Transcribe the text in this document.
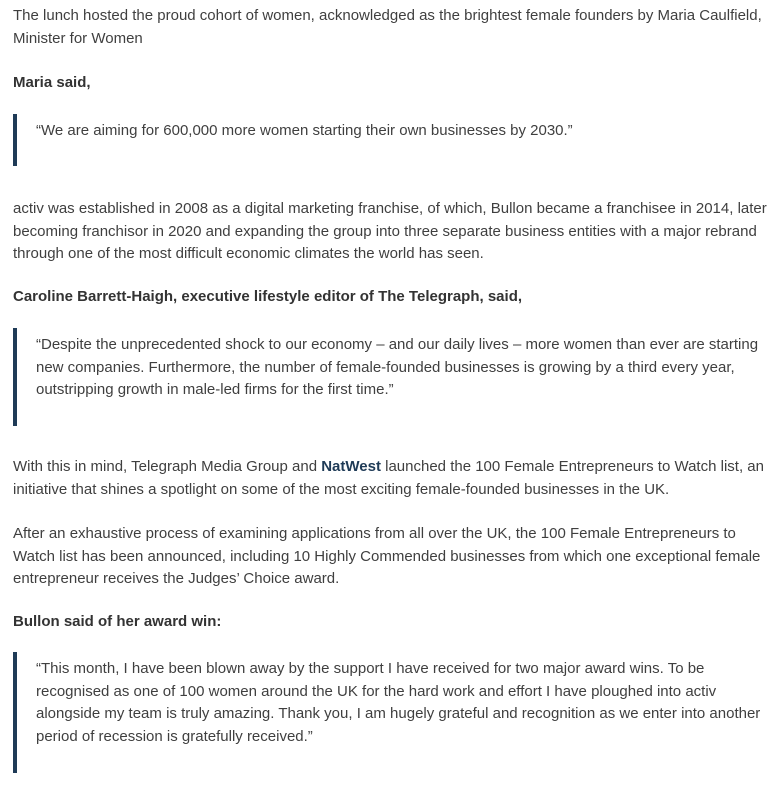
The lunch hosted the proud cohort of women, acknowledged as the brightest female founders by Maria Caulfield, Minister for Women

Maria said,

“We are aiming for 600,000 more women starting their own businesses by 2030.”

activ was established in 2008 as a digital marketing franchise, of which, Bullon became a franchisee in 2014, later becoming franchisor in 2020 and expanding the group into three separate business entities with a major rebrand through one of the most difficult economic climates the world has seen.

Caroline Barrett-Haigh, executive lifestyle editor of The Telegraph, said,

“Despite the unprecedented shock to our economy – and our daily lives – more women than ever are starting new companies. Furthermore, the number of female-founded businesses is growing by a third every year, outstripping growth in male-led firms for the first time.”

With this in mind, Telegraph Media Group and NatWest launched the 100 Female Entrepreneurs to Watch list, an initiative that shines a spotlight on some of the most exciting female-founded businesses in the UK.

After an exhaustive process of examining applications from all over the UK, the 100 Female Entrepreneurs to Watch list has been announced, including 10 Highly Commended businesses from which one exceptional female entrepreneur receives the Judges’ Choice award.

Bullon said of her award win:

“This month, I have been blown away by the support I have received for two major award wins. To be recognised as one of 100 women around the UK for the hard work and effort I have ploughed into activ alongside my team is truly amazing. Thank you, I am hugely grateful and recognition as we enter into another period of recession is gratefully received.”
